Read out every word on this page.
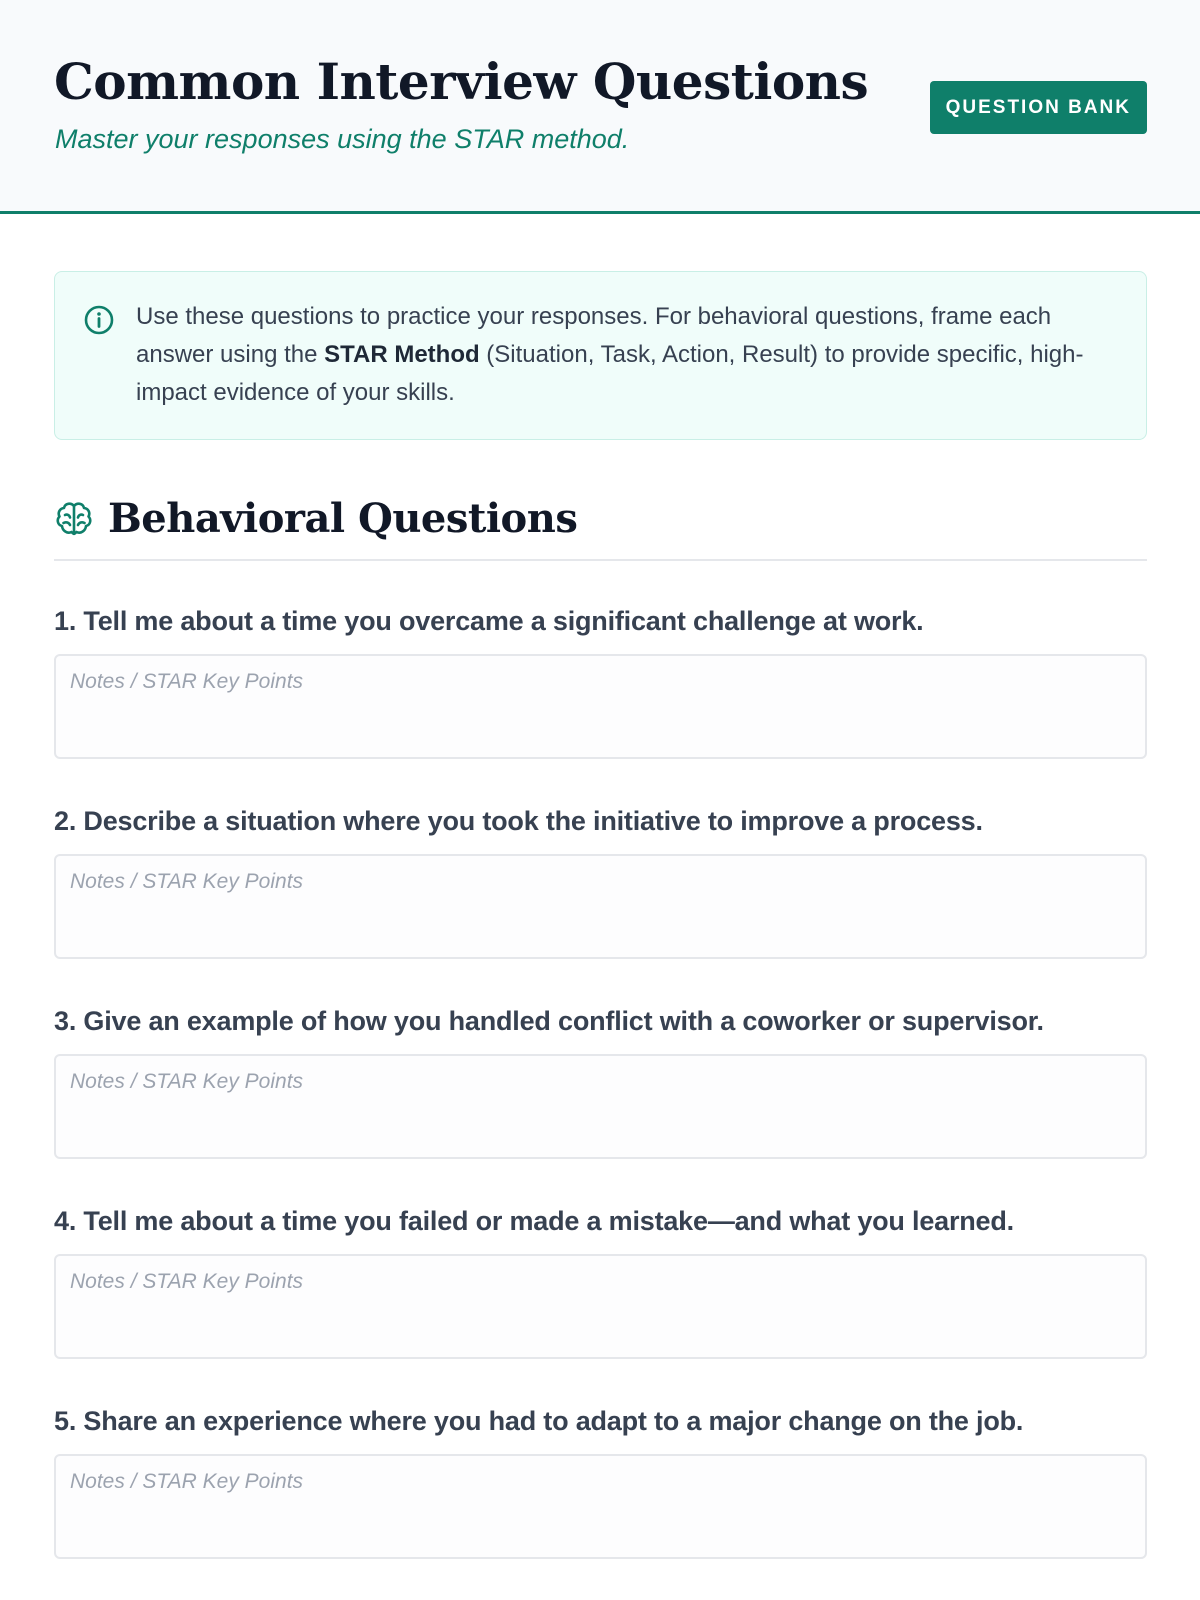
Common Interview Questions

Master your responses using the STAR method.

QUESTION BANK

Use these questions to practice your responses. For behavioral questions, frame each answer using the STAR Method (Situation, Task, Action, Result) to provide specific, high-impact evidence of your skills.

Behavioral Questions

1. Tell me about a time you overcame a significant challenge at work.

Notes / STAR Key Points

2. Describe a situation where you took the initiative to improve a process.

Notes / STAR Key Points

3. Give an example of how you handled conflict with a coworker or supervisor.

Notes / STAR Key Points

4. Tell me about a time you failed or made a mistake—and what you learned.

Notes / STAR Key Points

5. Share an experience where you had to adapt to a major change on the job.

Notes / STAR Key Points
